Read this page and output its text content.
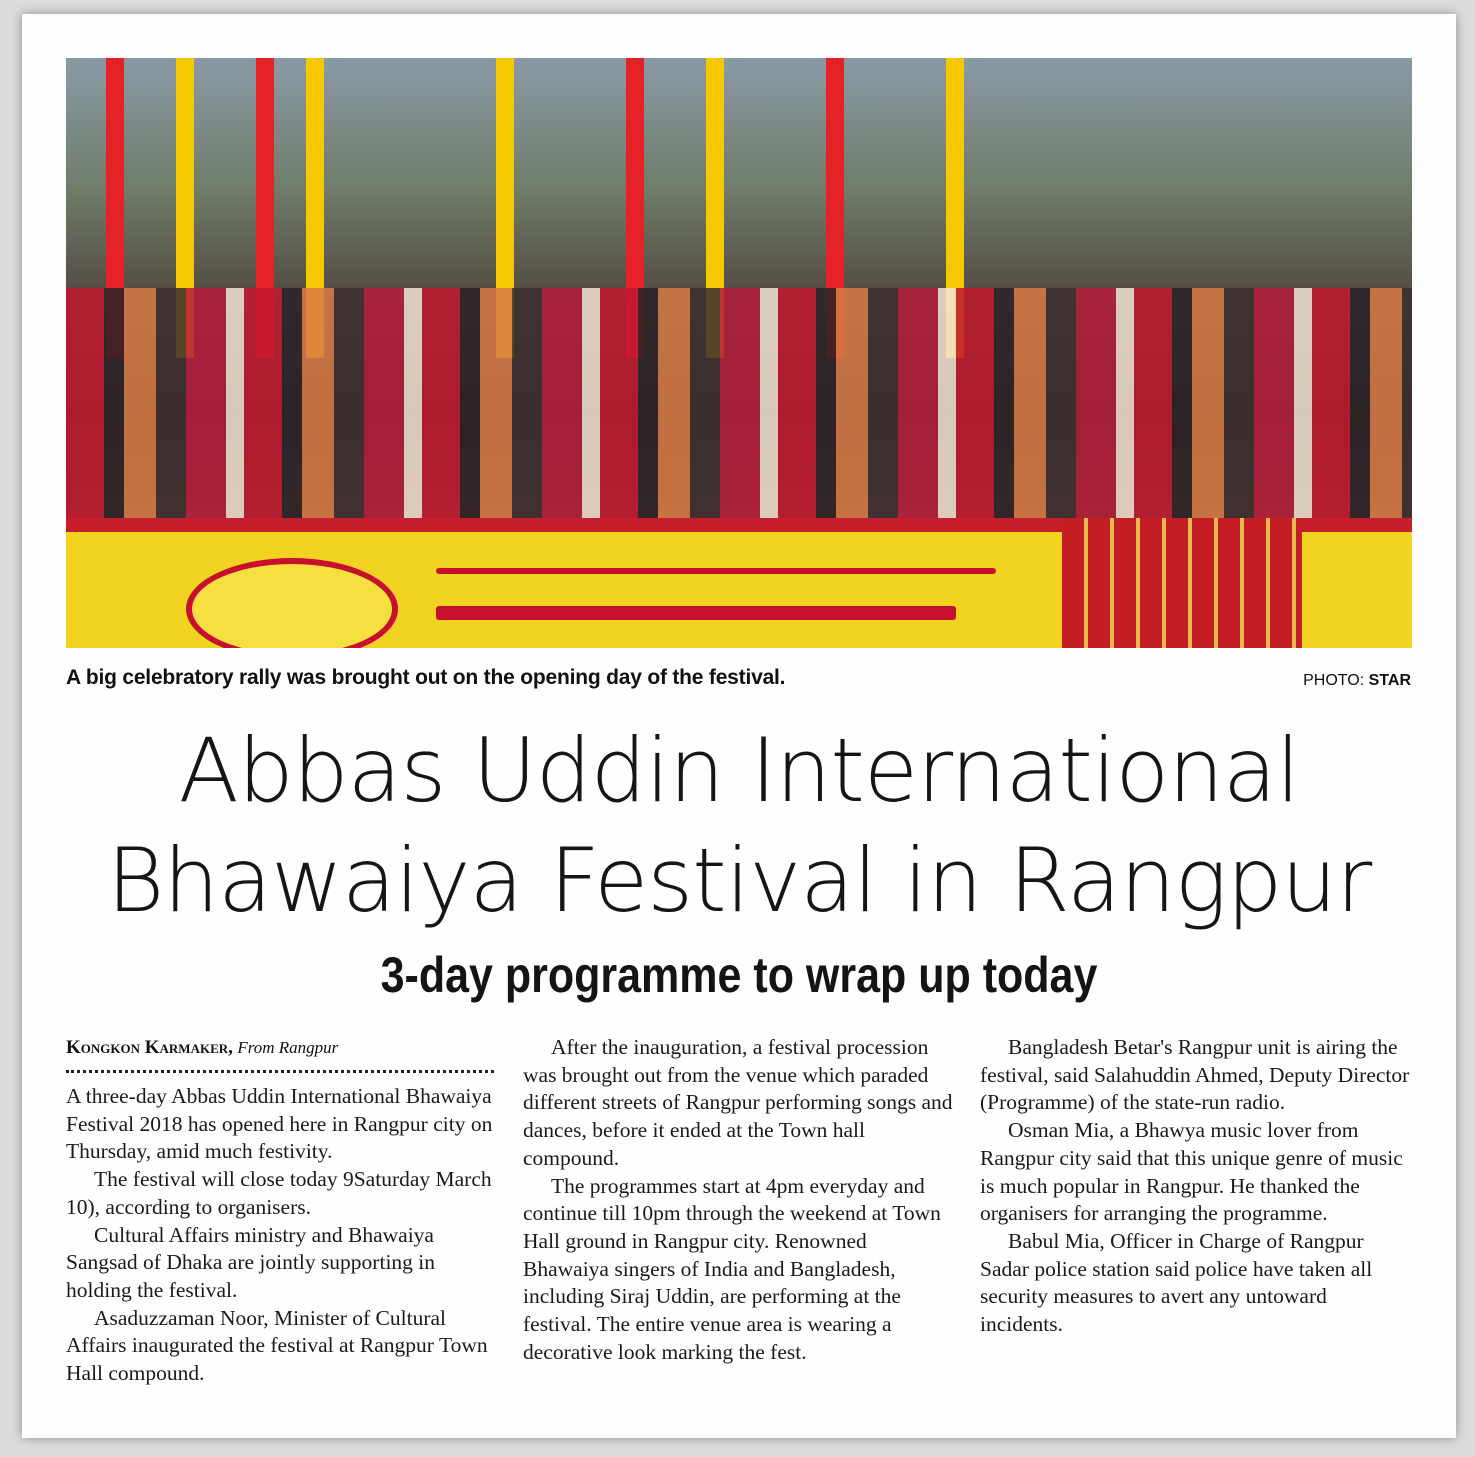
A big celebratory rally was brought out on the opening day of the festival.	PHOTO: STAR
Abbas Uddin International
Bhawaiya Festival in Rangpur
3-day programme to wrap up today
Kongkon Karmaker, From Rangpur

A three-day Abbas Uddin International Bhawaiya Festival 2018 has opened here in Rangpur city on Thursday, amid much festivity.

The festival will close today 9Saturday March 10), according to organisers.

Cultural Affairs ministry and Bhawaiya Sangsad of Dhaka are jointly supporting in holding the festival.

Asaduzzaman Noor, Minister of Cultural Affairs inaugurated the festival at Rangpur Town Hall compound.

After the inauguration, a festival procession was brought out from the venue which paraded different streets of Rangpur performing songs and dances, before it ended at the Town hall compound.

The programmes start at 4pm everyday and continue till 10pm through the weekend at Town Hall ground in Rangpur city. Renowned Bhawaiya singers of India and Bangladesh, including Siraj Uddin, are performing at the festival. The entire venue area is wearing a decorative look marking the fest.

Bangladesh Betar's Rangpur unit is airing the festival, said Salahuddin Ahmed, Deputy Director (Programme) of the state-run radio.

Osman Mia, a Bhawya music lover from Rangpur city said that this unique genre of music is much popular in Rangpur. He thanked the organisers for arranging the programme.

Babul Mia, Officer in Charge of Rangpur Sadar police station said police have taken all security measures to avert any untoward incidents.
